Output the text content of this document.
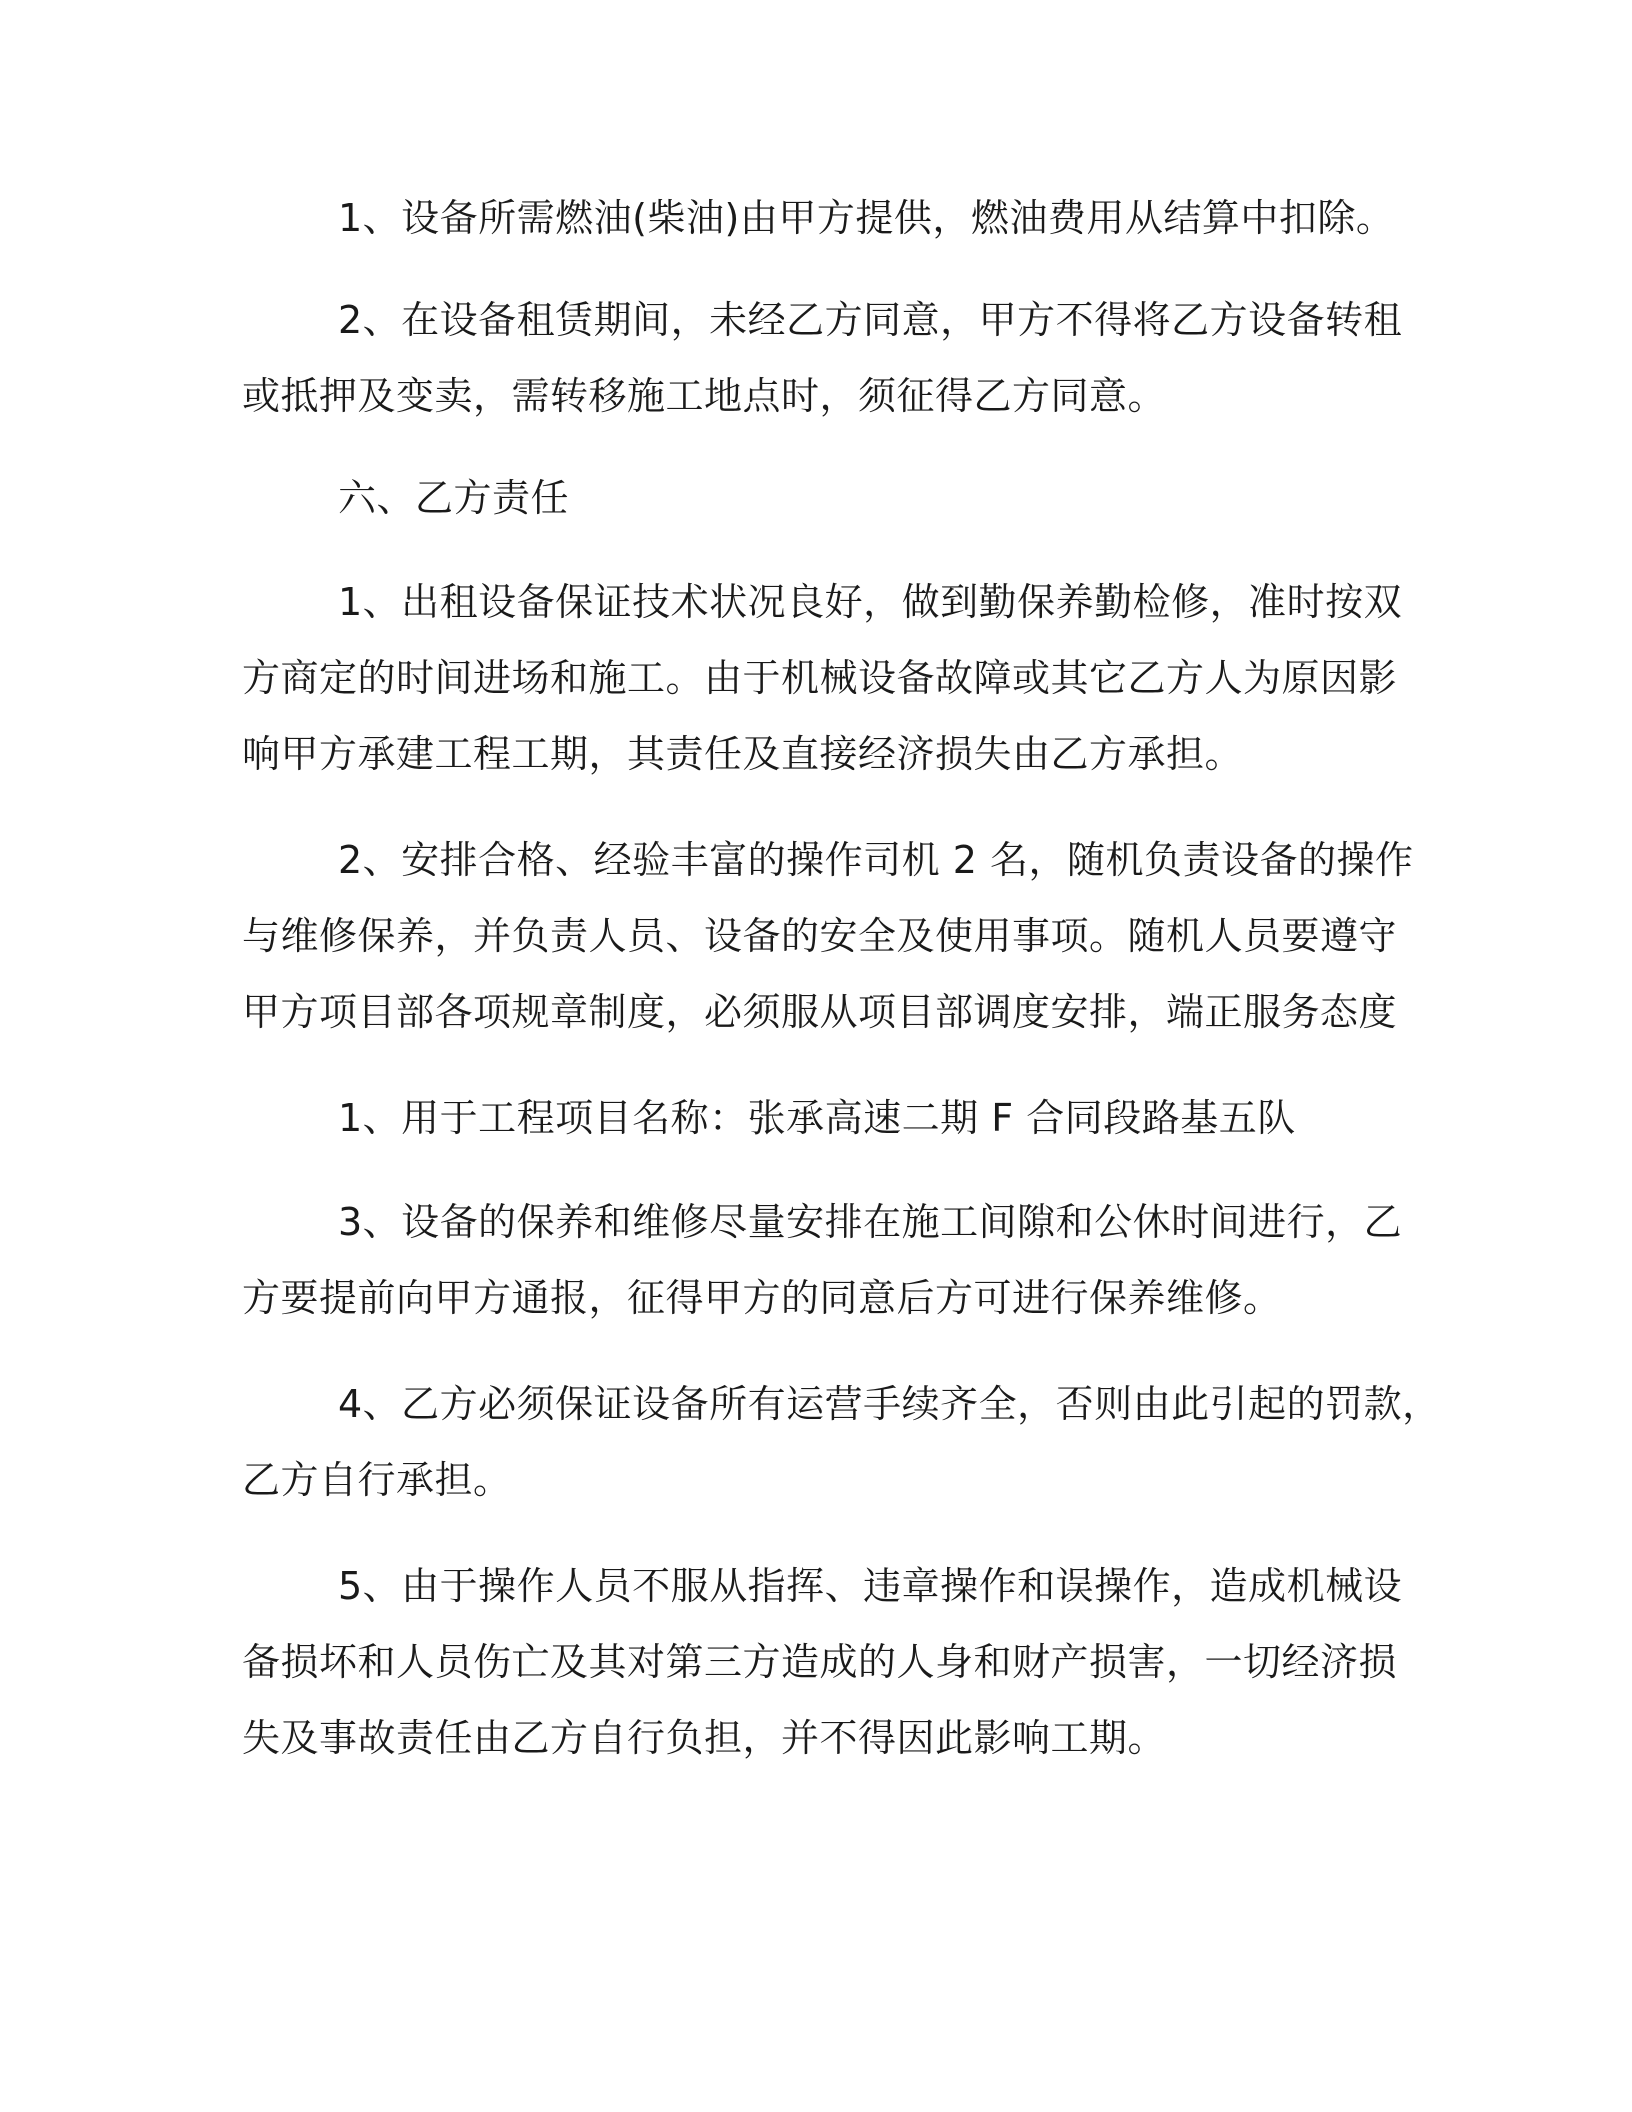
1、设备所需燃油(柴油)由甲方提供，燃油费用从结算中扣除。
2、在设备租赁期间，未经乙方同意，甲方不得将乙方设备转租
或抵押及变卖，需转移施工地点时，须征得乙方同意。
六、乙方责任
1、出租设备保证技术状况良好，做到勤保养勤检修，准时按双
方商定的时间进场和施工。由于机械设备故障或其它乙方人为原因影
响甲方承建工程工期，其责任及直接经济损失由乙方承担。
2、安排合格、经验丰富的操作司机 2 名，随机负责设备的操作
与维修保养，并负责人员、设备的安全及使用事项。随机人员要遵守
甲方项目部各项规章制度，必须服从项目部调度安排，端正服务态度
1、用于工程项目名称：张承高速二期 F 合同段路基五队
3、设备的保养和维修尽量安排在施工间隙和公休时间进行，乙
方要提前向甲方通报，征得甲方的同意后方可进行保养维修。
4、乙方必须保证设备所有运营手续齐全，否则由此引起的罚款，
乙方自行承担。
5、由于操作人员不服从指挥、违章操作和误操作，造成机械设
备损坏和人员伤亡及其对第三方造成的人身和财产损害，一切经济损
失及事故责任由乙方自行负担，并不得因此影响工期。
